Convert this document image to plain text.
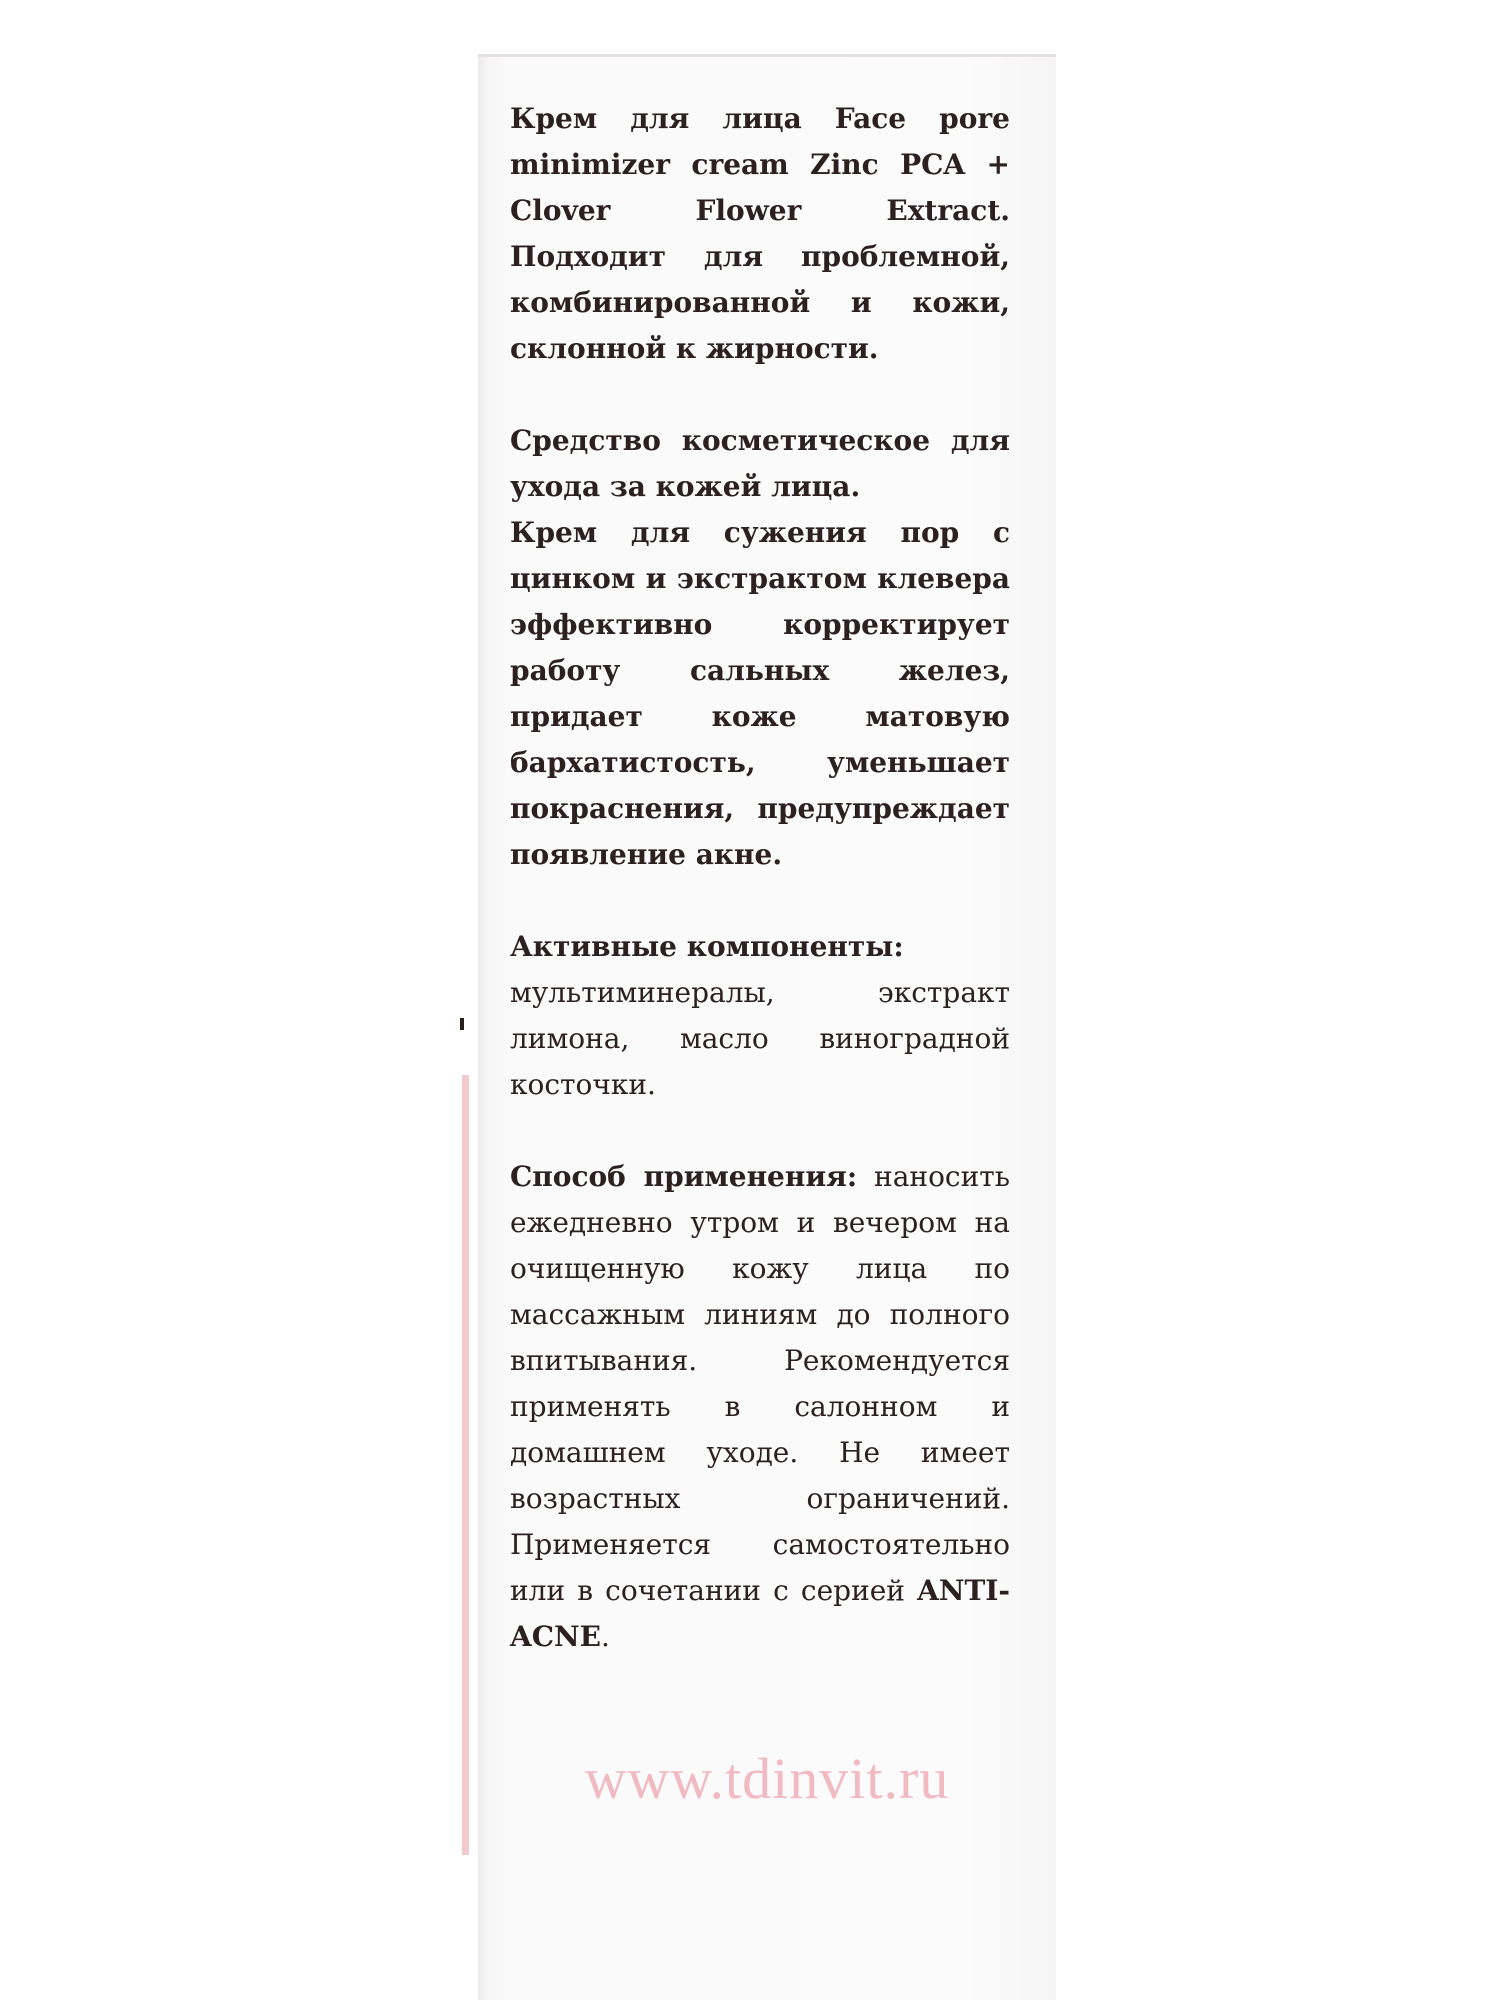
Крем для лица Face pore minimizer cream Zinc PCA + Clover Flower Extract. Подходит для проблемной, комбинированной и кожи, склонной к жирности.

Средство косметическое для ухода за кожей лица.

Крем для сужения пор с цинком и экстрактом клевера эффективно корректирует работу сальных желез, придает коже матовую бархатистость, уменьшает покраснения, предупреждает появление акне.

Активные компоненты:
мультиминералы, экстракт лимона, масло виноградной косточки.

Способ применения: наносить ежедневно утром и вечером на очищенную кожу лица по массажным линиям до полного впитывания. Рекомендуется применять в салонном и домашнем уходе. Не имеет возрастных ограничений. Применяется самостоятельно или в сочетании с серией ANTI-ACNE.

www.tdinvit.ru
